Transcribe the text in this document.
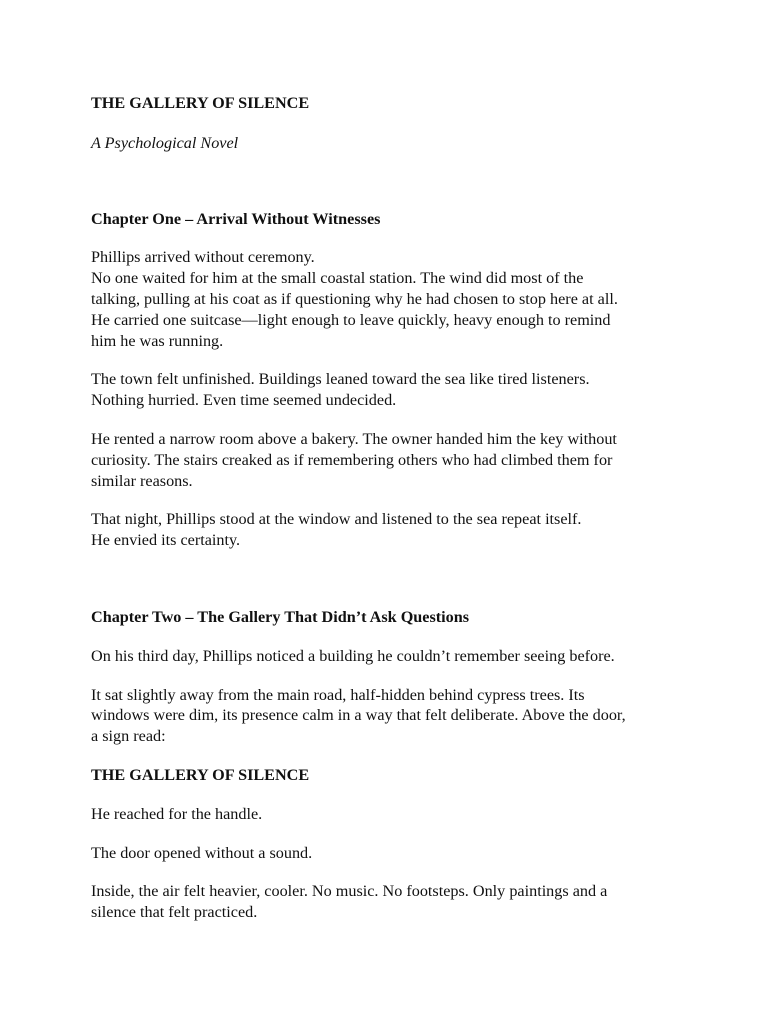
THE GALLERY OF SILENCE
A Psychological Novel
Chapter One – Arrival Without Witnesses
Phillips arrived without ceremony.
No one waited for him at the small coastal station. The wind did most of the
talking, pulling at his coat as if questioning why he had chosen to stop here at all.
He carried one suitcase—light enough to leave quickly, heavy enough to remind
him he was running.
The town felt unfinished. Buildings leaned toward the sea like tired listeners.
Nothing hurried. Even time seemed undecided.
He rented a narrow room above a bakery. The owner handed him the key without
curiosity. The stairs creaked as if remembering others who had climbed them for
similar reasons.
That night, Phillips stood at the window and listened to the sea repeat itself.
He envied its certainty.
Chapter Two – The Gallery That Didn’t Ask Questions
On his third day, Phillips noticed a building he couldn’t remember seeing before.
It sat slightly away from the main road, half-hidden behind cypress trees. Its
windows were dim, its presence calm in a way that felt deliberate. Above the door,
a sign read:
THE GALLERY OF SILENCE
He reached for the handle.
The door opened without a sound.
Inside, the air felt heavier, cooler. No music. No footsteps. Only paintings and a
silence that felt practiced.
